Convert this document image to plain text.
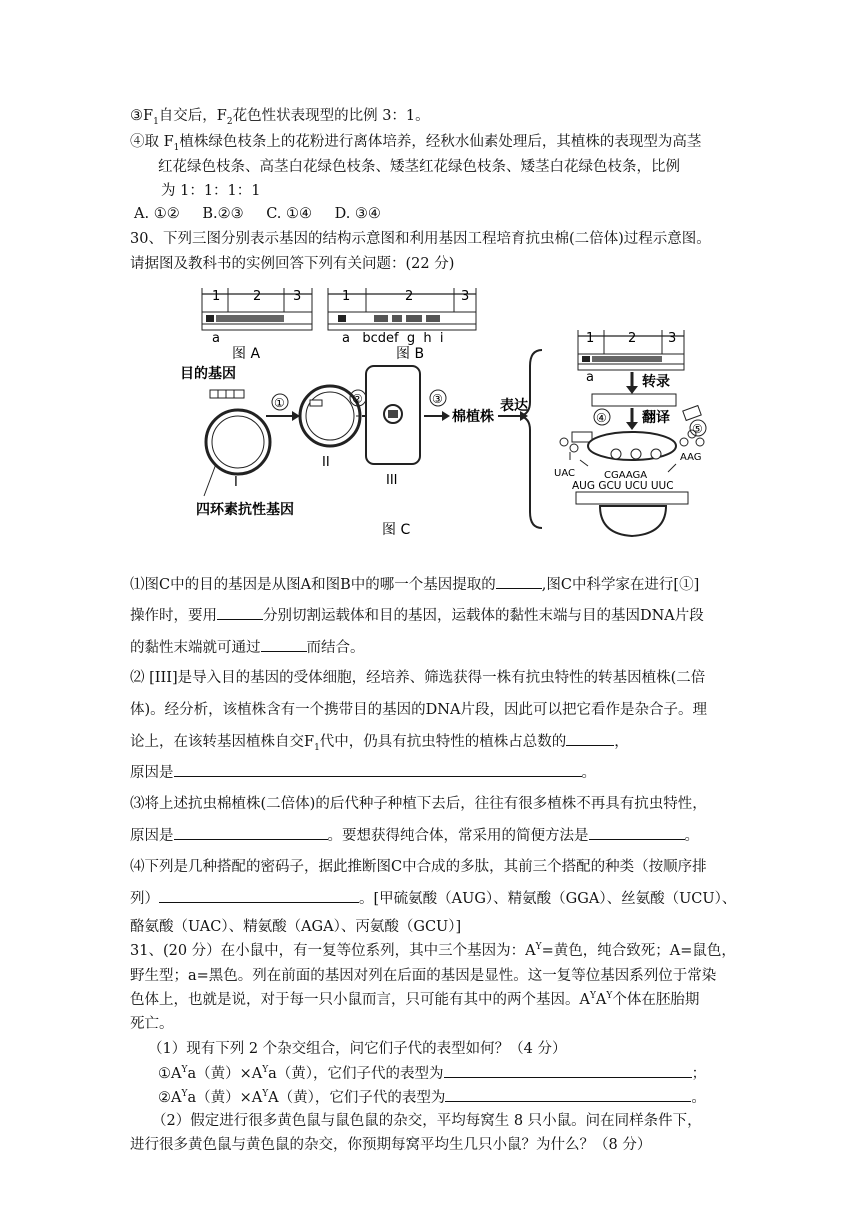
$③F_1$自交后，$F_2$花色性状表现型的比例 3：1。
④取 $F_1$植株绿色枝条上的花粉进行离体培养，经秋水仙素处理后，其植株的表现型为高茎
红花绿色枝条、高茎白花绿色枝条、矮茎红花绿色枝条、矮茎白花绿色枝条，比例
为 1：1：1：1
A. ①② B.②③ C. ①④ D. ③④
30、下列三图分别表示基因的结构示意图和利用基因工程培育抗虫棉(二倍体)过程示意图。
请据图及教科书的实例回答下列有关问题：(22 分)
1	2 3
a
图 A
1	2	3
a   bcdef  g  h  i
图 B
目的基因
I
四环素抗性基因
①
II
②
III
③
棉植株
表达
图 C
1	2 3
a	转录
翻译
④
CGAAGA
UAC
⑤
AAG
AUG GCU UCU UUC
⑴图C中的目的基因是从图A和图B中的哪一个基因提取的	,图C中科学家在进行[①]
操作时，要用	分别切割运载体和目的基因，运载体的黏性末端与目的基因DNA片段
的黏性末端就可通过	而结合。
⑵ [III]是导入目的基因的受体细胞，经培养、筛选获得一株有抗虫特性的转基因植株(二倍
体)。经分析，该植株含有一个携带目的基因的DNA片段，因此可以把它看作是杂合子。理
论上，在该转基因植株自交$F_1$代中，仍具有抗虫特性的植株占总数的	，
原因是	。
⑶将上述抗虫棉植株(二倍体)的后代种子种植下去后，往往有很多植株不再具有抗虫特性，
原因是	。要想获得纯合体，常采用的简便方法是	。
⑷下列是几种搭配的密码子，据此推断图C中合成的多肽，其前三个搭配的种类（按顺序排
列）	。[甲硫氨酸（AUG）、精氨酸（GGA）、丝氨酸（UCU）、
酪氨酸（UAC）、精氨酸（AGA）、丙氨酸（GCU）]
31、(20 分）在小鼠中，有一复等位系列，其中三个基因为：$A^Y=$黄色，纯合致死；A=鼠色，
野生型；a=黑色。列在前面的基因对列在后面的基因是显性。这一复等位基因系列位于常染
色体上，也就是说，对于每一只小鼠而言，只可能有其中的两个基因。$A^YA^Y$个体在胚胎期
死亡。
（1）现有下列 2 个杂交组合，问它们子代的表型如何？（4 分）
$①A^Ya$（黄）$\times A^Ya$（黄），它们子代的表型为	；
$②A^Ya$（黄）$\times A^YA$（黄），它们子代的表型为	。
（2）假定进行很多黄色鼠与鼠色鼠的杂交，平均每窝生 8 只小鼠。问在同样条件下，
进行很多黄色鼠与黄色鼠的杂交，你预期每窝平均生几只小鼠？为什么？（8 分）
